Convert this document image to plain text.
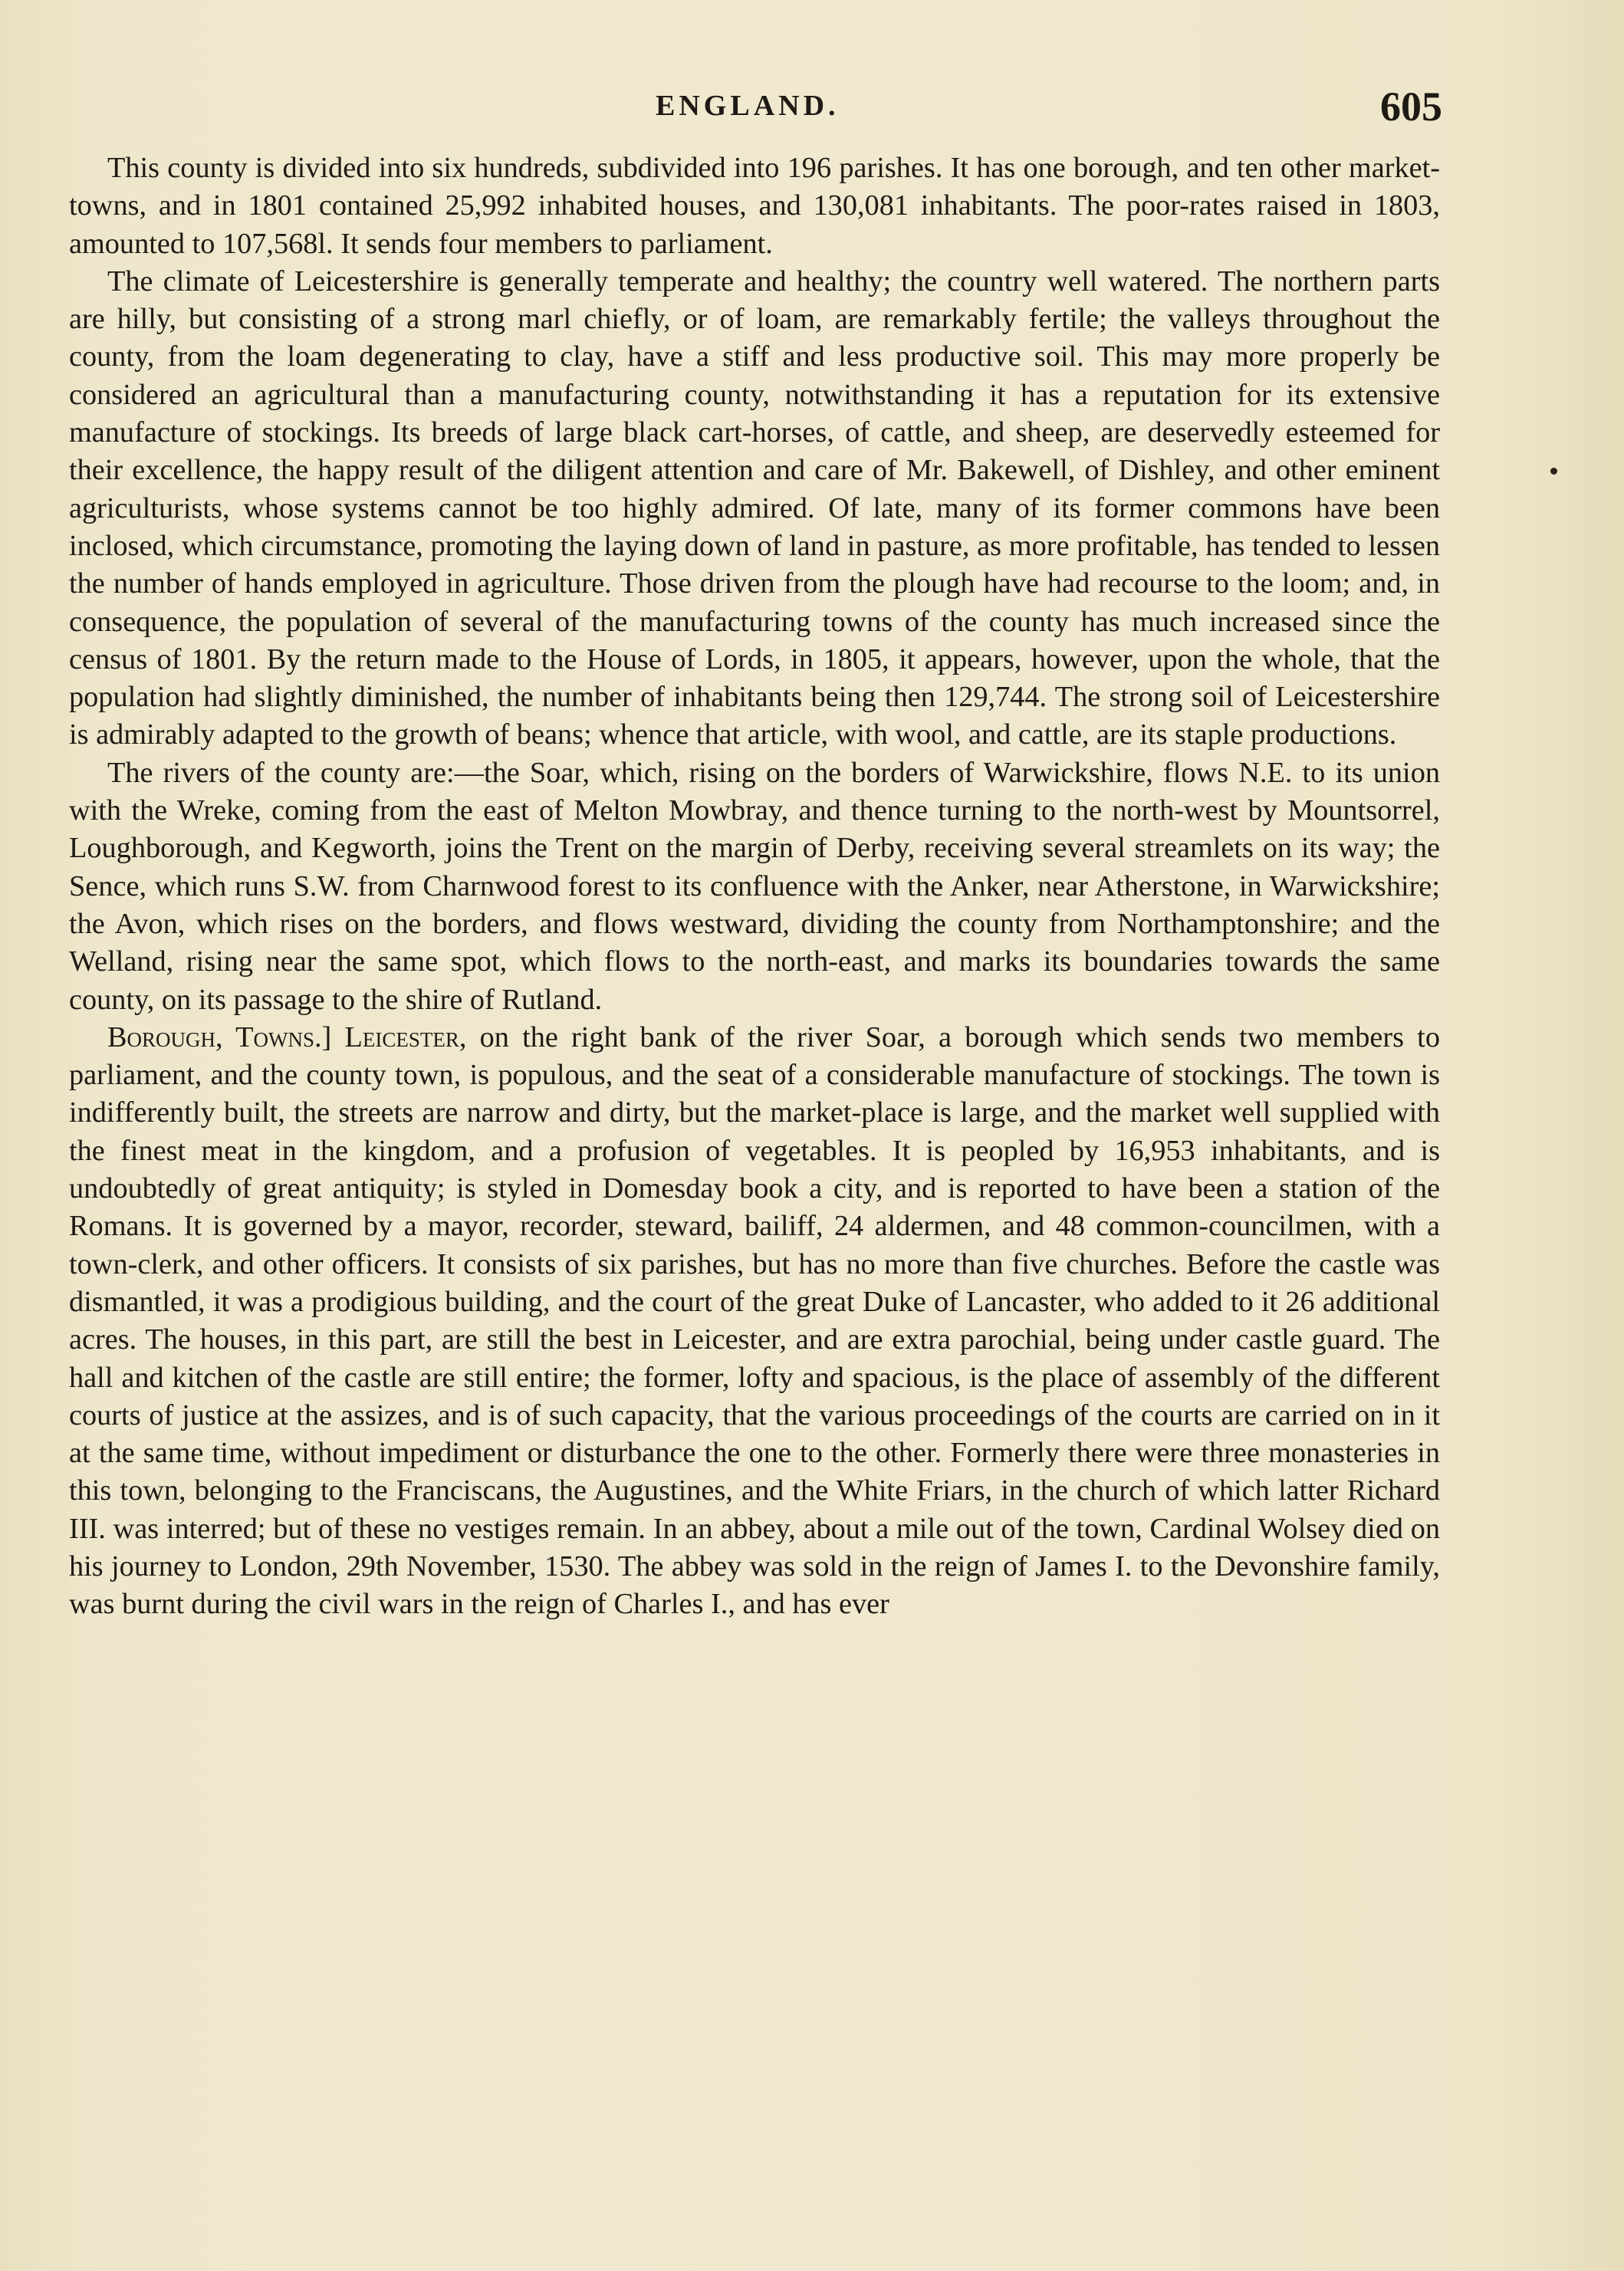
ENGLAND.	605

This county is divided into six hundreds, subdivided into 196 parishes. It has one borough, and ten other market-towns, and in 1801 contained 25,992 inhabited houses, and 130,081 inhabitants. The poor-rates raised in 1803, amounted to 107,568l. It sends four members to parliament.

The climate of Leicestershire is generally temperate and healthy; the country well watered. The northern parts are hilly, but consisting of a strong marl chiefly, or of loam, are remarkably fertile; the valleys throughout the county, from the loam degenerating to clay, have a stiff and less productive soil. This may more properly be considered an agricultural than a manufacturing county, notwithstanding it has a reputation for its extensive manufacture of stockings. Its breeds of large black cart-horses, of cattle, and sheep, are deservedly esteemed for their excellence, the happy result of the diligent attention and care of Mr. Bakewell, of Dishley, and other eminent agriculturists, whose systems cannot be too highly admired. Of late, many of its former commons have been inclosed, which circumstance, promoting the laying down of land in pasture, as more profitable, has tended to lessen the number of hands employed in agriculture. Those driven from the plough have had recourse to the loom; and, in consequence, the population of several of the manufacturing towns of the county has much increased since the census of 1801. By the return made to the House of Lords, in 1805, it appears, however, upon the whole, that the population had slightly diminished, the number of inhabitants being then 129,744. The strong soil of Leicestershire is admirably adapted to the growth of beans; whence that article, with wool, and cattle, are its staple productions.

The rivers of the county are:—the Soar, which, rising on the borders of Warwickshire, flows N.E. to its union with the Wreke, coming from the east of Melton Mowbray, and thence turning to the north-west by Mountsorrel, Loughborough, and Kegworth, joins the Trent on the margin of Derby, receiving several streamlets on its way; the Sence, which runs S.W. from Charnwood forest to its confluence with the Anker, near Atherstone, in Warwickshire; the Avon, which rises on the borders, and flows westward, dividing the county from Northamptonshire; and the Welland, rising near the same spot, which flows to the north-east, and marks its boundaries towards the same county, on its passage to the shire of Rutland.

Borough, Towns.] Leicester, on the right bank of the river Soar, a borough which sends two members to parliament, and the county town, is populous, and the seat of a considerable manufacture of stockings. The town is indifferently built, the streets are narrow and dirty, but the market-place is large, and the market well supplied with the finest meat in the kingdom, and a profusion of vegetables. It is peopled by 16,953 inhabitants, and is undoubtedly of great antiquity; is styled in Domesday book a city, and is reported to have been a station of the Romans. It is governed by a mayor, recorder, steward, bailiff, 24 aldermen, and 48 common-councilmen, with a town-clerk, and other officers. It consists of six parishes, but has no more than five churches. Before the castle was dismantled, it was a prodigious building, and the court of the great Duke of Lancaster, who added to it 26 additional acres. The houses, in this part, are still the best in Leicester, and are extra parochial, being under castle guard. The hall and kitchen of the castle are still entire; the former, lofty and spacious, is the place of assembly of the different courts of justice at the assizes, and is of such capacity, that the various proceedings of the courts are carried on in it at the same time, without impediment or disturbance the one to the other. Formerly there were three monasteries in this town, belonging to the Franciscans, the Augustines, and the White Friars, in the church of which latter Richard III. was interred; but of these no vestiges remain. In an abbey, about a mile out of the town, Cardinal Wolsey died on his journey to London, 29th November, 1530. The abbey was sold in the reign of James I. to the Devonshire family, was burnt during the civil wars in the reign of Charles I., and has ever
